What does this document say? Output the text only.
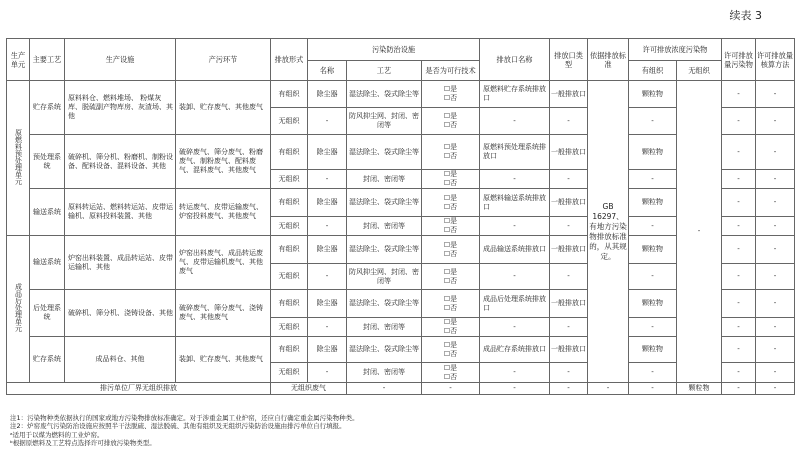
续表 3
生产单元	主要工艺	生产设施	产污环节	排放形式	污染防治设施			排放口名称	排放口类型	依据排放标准	许可排放浓度污染物		许可排放量污染物	许可排放量核算方法
					名称	工艺	是否为可行技术				有组织	无组织		
原燃料预处理单元	贮存系统	原料料仓、燃料堆场、 粉煤灰库、脱硫副产物库房、灰渣场、其他	装卸、贮存废气、其他废气	有组织	除尘器	湿法除尘、袋式除尘等	☐是
☐否	原燃料贮存系统排放口	一般排放口	GB 16297、有地方污染物排放标准的，从其规定。	颗粒物	-	-	-
				无组织	-	防风抑尘网、封闭、密闭等	☐是
☐否	-	-		-		-	-
	预处理系统	破碎机、筛分机、粉磨机、制粉设备、配料设备、混料设备、其他	破碎废气、筛分废气、粉磨废气、制粉废气、配料废气、混料废气、其他废气	有组织	除尘器	湿法除尘、袋式除尘等	☐是
☐否	原燃料预处理系统排放口	一般排放口		颗粒物		-	-
				无组织	-	封闭、密闭等	☐是
☐否	-	-		-		-	-
	输送系统	原料转运站、燃料转运站、皮带运输机、原料投料装置、其他	转运废气、皮带运输废气、炉窑投料废气、其他废气	有组织	除尘器	湿法除尘、袋式除尘等	☐是
☐否	原燃料输送系统排放口	一般排放口		颗粒物		-	-
				无组织	-	封闭、密闭等	☐是
☐否	-	-		-		-	-
成品后处理单元	输送系统	炉窑出料装置、成品转运站、皮带运输机、其他	炉窑出料废气、成品转运废气、皮带运输机废气、其他废气	有组织	除尘器	湿法除尘、袋式除尘等	☐是
☐否	成品输送系统排放口	一般排放口		颗粒物		-	-
				无组织	-	防风抑尘网、封闭、密闭等	☐是
☐否	-	-		-		-	-
	后处理系统	破碎机、筛分机、浇铸设备、其他	破碎废气、筛分废气、浇铸废气、其他废气	有组织	除尘器	湿法除尘、袋式除尘等	☐是
☐否	成品后处理系统排放口	一般排放口		颗粒物		-	-
				无组织	-	封闭、密闭等	☐是
☐否	-	-		-		-	-
	贮存系统	成品料仓、其他	装卸、贮存废气、其他废气	有组织	除尘器	湿法除尘、袋式除尘等	☐是
☐否	成品贮存系统排放口	一般排放口		颗粒物		-	-
				无组织	-	封闭、密闭等	☐是
☐否	-	-		-		-	-
排污单位厂界无组织排放				无组织废气		-	-	-	-	-	-	颗粒物	-	-
注1：污染物种类依据执行的国家或地方污染物排放标准确定。对于涉重金属工业炉窑，还应自行确定重金属污染物种类。
注2：炉窑废气污染防治设施应按照半干法脱硫、湿法脱硫、其他有组织及无组织污染防治设施由排污单位自行填报。
ᵃ适用于以煤为燃料的工业炉窑。
ᵇ根据原燃料及工艺特点选择许可排放污染物类型。
